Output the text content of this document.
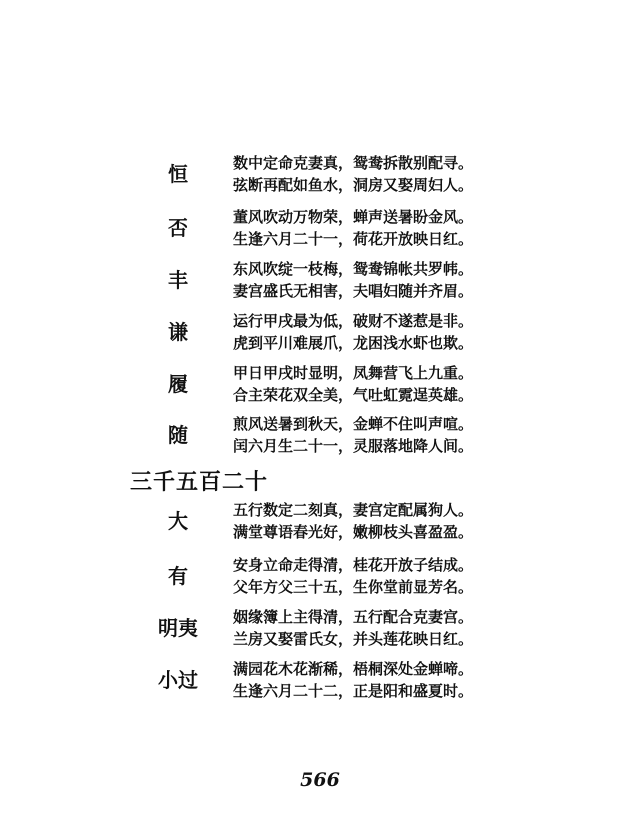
恒	数中定命克妻真，鸳鸯拆散别配寻。
弦断再配如鱼水，洞房又娶周妇人。
否	董风吹动万物荣，蝉声送暑盼金风。
生逢六月二十一，荷花开放映日红。
丰	东风吹绽一枝梅，鸳鸯锦帐共罗帏。
妻宫盛氏无相害，夫唱妇随并齐眉。
谦	运行甲戌最为低，破财不遂惹是非。
虎到平川难展爪，龙困浅水虾也欺。
履	甲日甲戌时显明，凤舞营飞上九重。
合主荣花双全美，气吐虹霓逞英雄。
随	煎风送暑到秋天，金蝉不住叫声喧。
闰六月生二十一，灵服落地降人间。
三千五百二十
大	五行数定二刻真，妻宫定配属狗人。
满堂尊语春光好，嫩柳枝头喜盈盈。
有	安身立命走得清，桂花开放子结成。
父年方父三十五，生你堂前显芳名。
明夷 姻缘簿上主得清，五行配合克妻宫。
兰房又娶雷氏女，并头莲花映日红。
小过 满园花木花渐稀，梧桐深处金蝉啼。
生逢六月二十二，正是阳和盛夏时。
566
